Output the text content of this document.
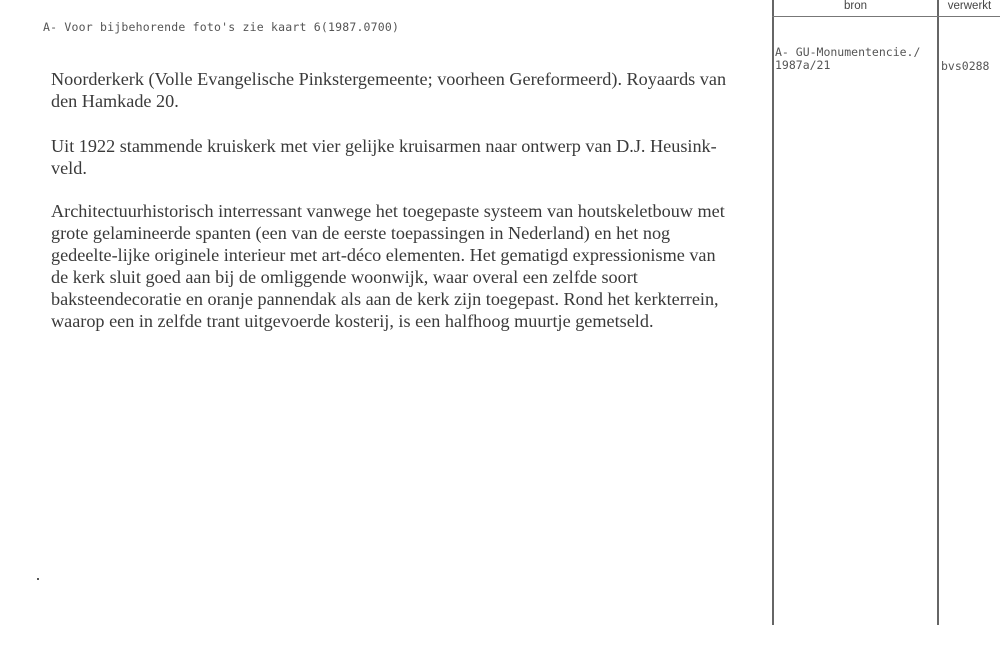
A- Voor bijbehorende foto's zie kaart 6(1987.0700)

Noorderkerk (Volle Evangelische Pinkstergemeente; voorheen Gereformeerd). Royaards van den Hamkade 20.

Uit 1922 stammende kruiskerk met vier gelijke kruisarmen naar ontwerp van D.J. Heusink-veld.

Architectuurhistorisch interressant vanwege het toegepaste systeem van houtskeletbouw met grote gelamineerde spanten (een van de eerste toepassingen in Nederland) en het nog gedeelte-lijke originele interieur met art-déco elementen. Het gematigd expressionisme van de kerk sluit goed aan bij de omliggende woonwijk, waar overal een zelfde soort baksteendecoratie en oranje pannendak als aan de kerk zijn toegepast. Rond het kerkterrein, waarop een in zelfde trant uitgevoerde kosterij, is een halfhoog muurtje gemetseld.

bron	verwerkt
A- GU-Monumentencie./
1987a/21	bvs0288
